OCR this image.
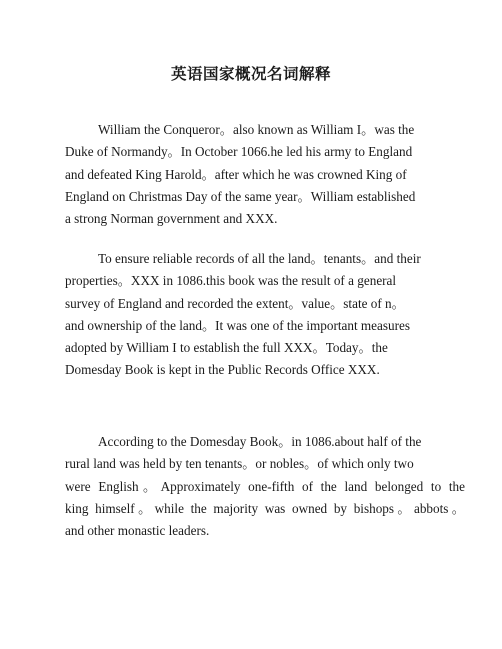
英语国家概况名词解释
William the Conqueror。also known as William I。was the
Duke of Normandy。In October 1066.he led his army to England
and defeated King Harold。after which he was crowned King of
England on Christmas Day of the same year。William established
a strong Norman government and XXX.
To ensure reliable records of all the land。tenants。and their
properties。XXX in 1086.this book was the result of a general
survey of England and recorded the extent。value。state of n。
and ownership of the land。It was one of the important measures
adopted by William I to establish the full XXX。Today。the
Domesday Book is kept in the Public Records Office XXX.
According to the Domesday Book。in 1086.about half of the
rural land was held by ten tenants。or nobles。of which only two
were English。Approximately one-fifth of the land belonged to the
king himself。while the majority was owned by bishops。abbots。
and other monastic leaders.
